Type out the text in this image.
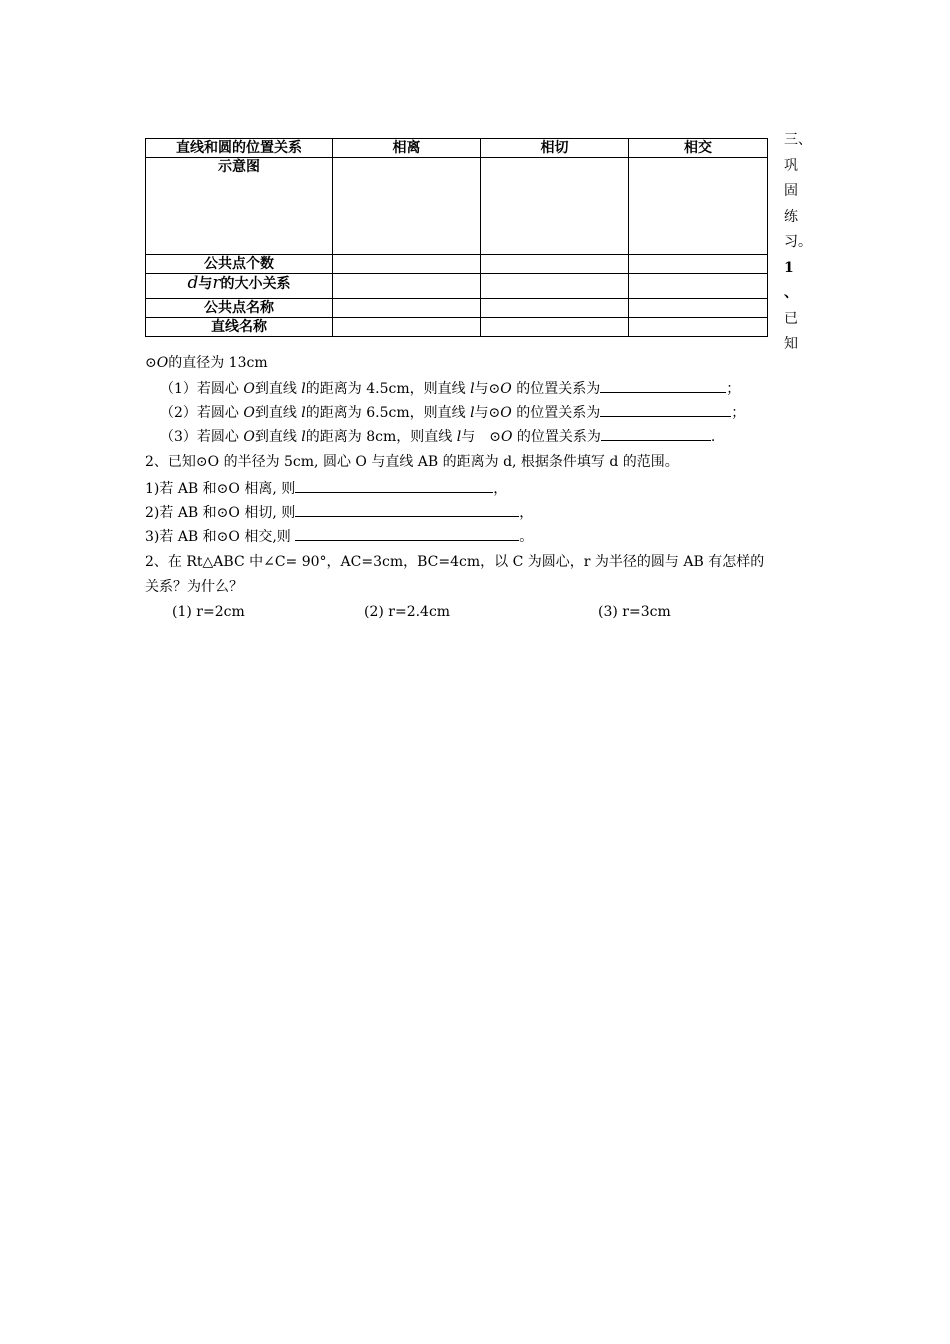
直线和圆的位置关系	相离	相切	相交
示意图			
公共点个数			
d与r的大小关系			
公共点名称			
直线名称			
三、
巩
固
练
习。
1
、
已
知
⊙O的直径为 13cm
（1）若圆心 O到直线 l的距离为 4.5cm，则直线 l与⊙O 的位置关系为	；
（2）若圆心 O到直线 l的距离为 6.5cm，则直线 l与⊙O 的位置关系为	；
（3）若圆心 O到直线 l的距离为 8cm，则直线 l与　⊙O 的位置关系为	.
2、已知⊙O 的半径为 5cm, 圆心 O 与直线 AB 的距离为 d, 根据条件填写 d 的范围。
1)若 AB 和⊙O 相离, 则	，
2)若 AB 和⊙O 相切, 则	，
3)若 AB 和⊙O 相交,则	。
2、在 Rt△ABC 中∠C= 90°，AC=3cm，BC=4cm，以 C 为圆心，r 为半径的圆与 AB 有怎样的
关系？为什么？
(1) r=2cm	(2) r=2.4cm	(3) r=3cm
